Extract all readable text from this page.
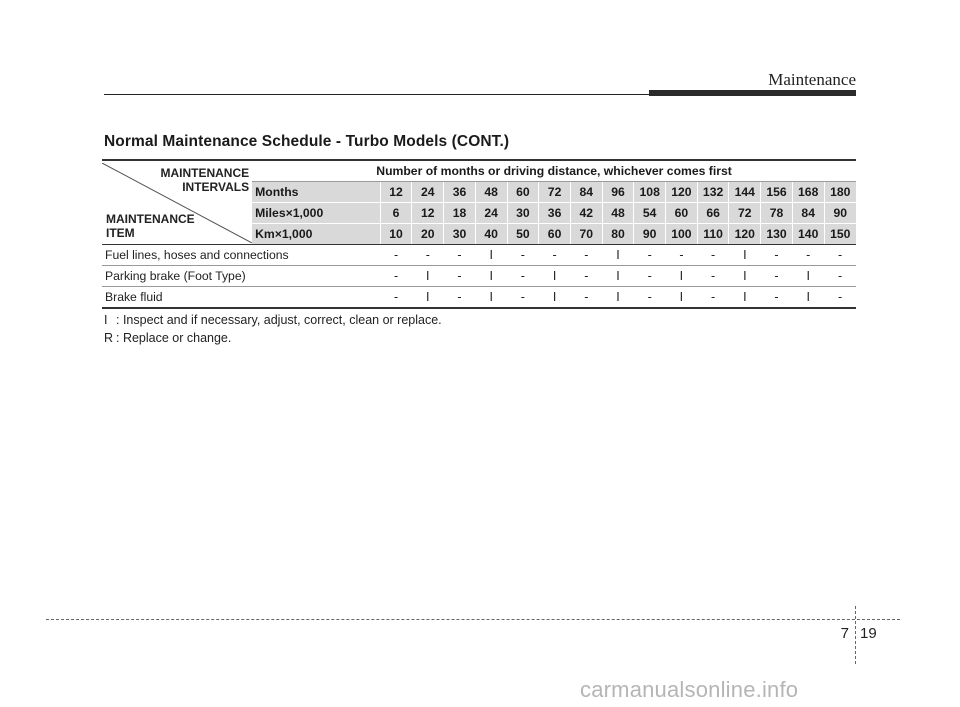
Maintenance
Normal Maintenance Schedule - Turbo Models (CONT.)
MAINTENANCE
INTERVALS
MAINTENANCE
ITEM	Number of months or driving distance, whichever comes first															
	Months	12	24	36	48	60	72	84	96	108	120	132	144	156	168	180
	Miles×1,000	6	12	18	24	30	36	42	48	54	60	66	72	78	84	90
	Km×1,000	10	20	30	40	50	60	70	80	90	100	110	120	130	140	150
Fuel lines, hoses and connections		-	-	-	I	-	-	-	I	-	-	-	I	-	-	-
Parking brake (Foot Type)		-	I	-	I	-	I	-	I	-	I	-	I	-	I	-
Brake fluid		-	I	-	I	-	I	-	I	-	I	-	I	-	I	-
I : Inspect and if necessary, adjust, correct, clean or replace.
R : Replace or change.
7 19
carmanualsonline.info
